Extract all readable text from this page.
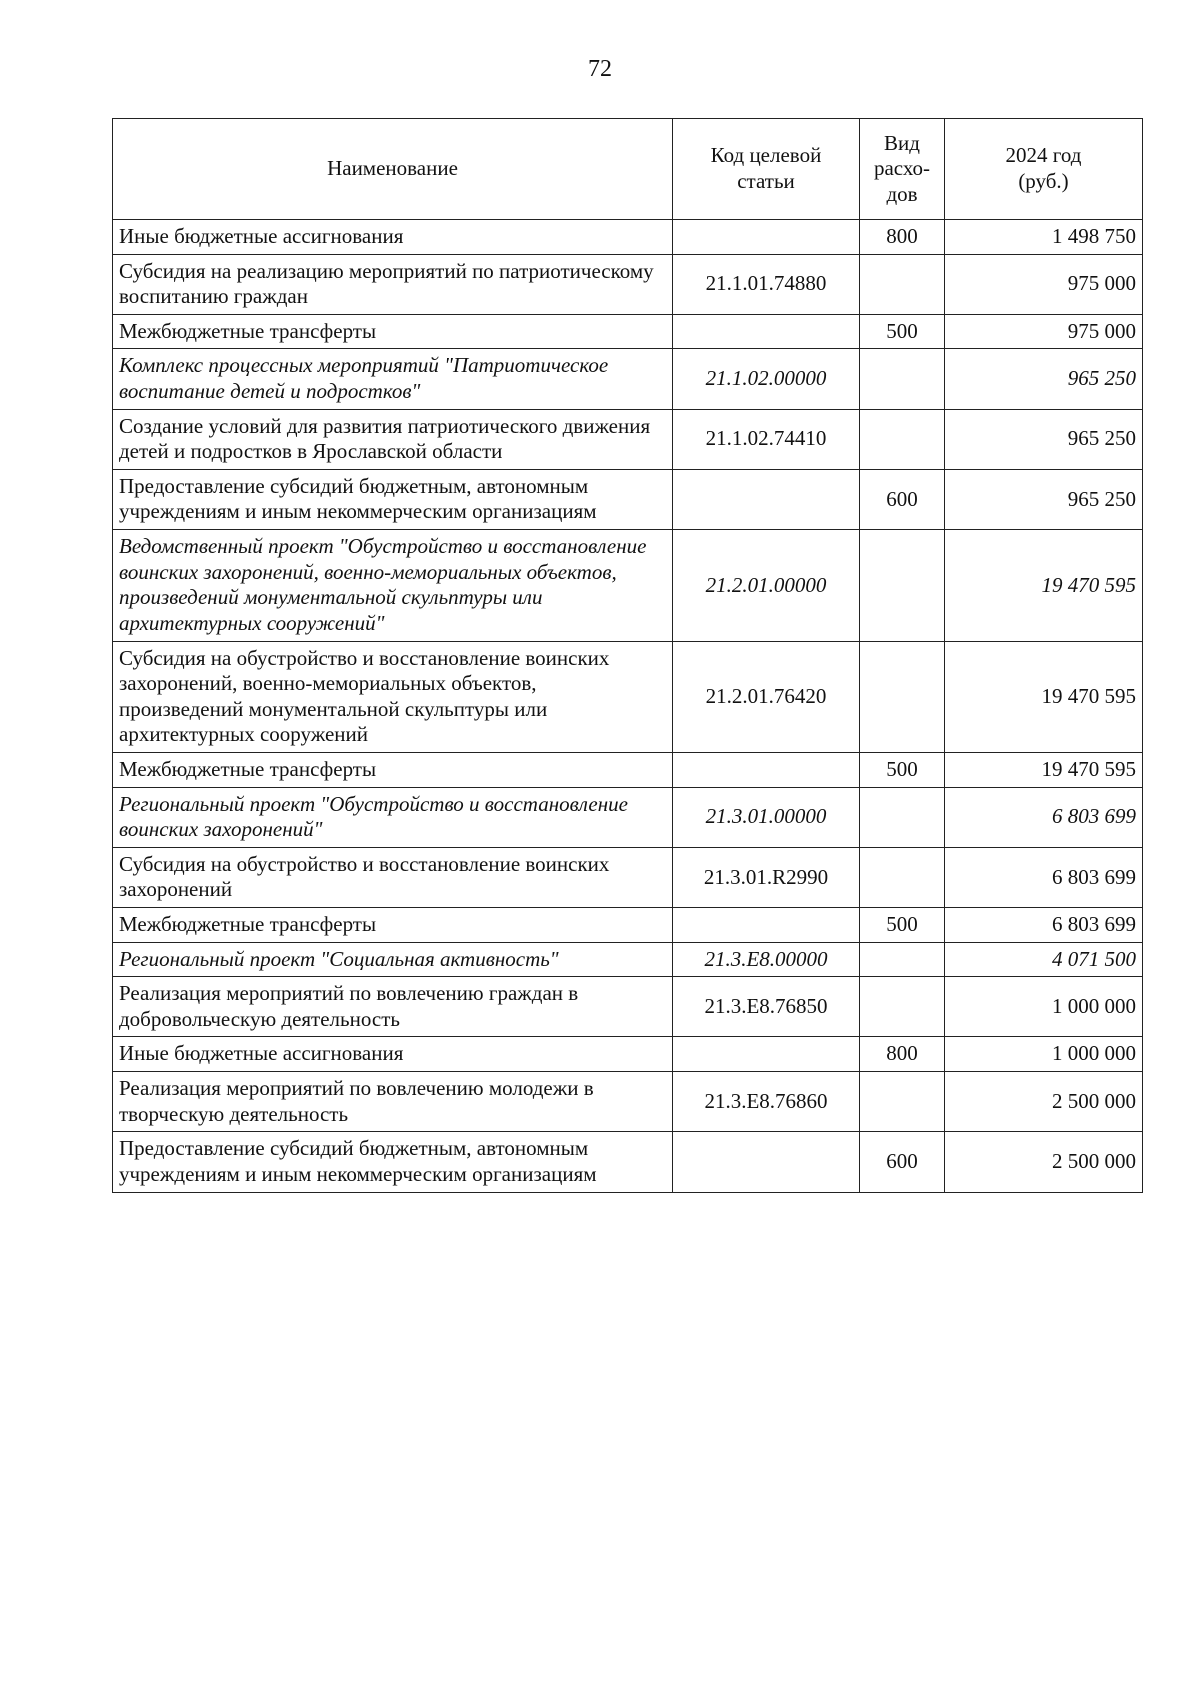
72
Наименование	Код целевой статьи	Вид расхо-дов	2024 год (руб.)
Иные бюджетные ассигнования		800	1 498 750
Субсидия на реализацию мероприятий по патриотическому воспитанию граждан	21.1.01.74880		975 000
Межбюджетные трансферты		500	975 000
Комплекс процессных мероприятий "Патриотическое воспитание детей и подростков"	21.1.02.00000		965 250
Создание условий для развития патриотического движения детей и подростков в Ярославской области	21.1.02.74410		965 250
Предоставление субсидий бюджетным, автономным учреждениям и иным некоммерческим организациям		600	965 250
Ведомственный проект "Обустройство и восстановление воинских захоронений, военно-мемориальных объектов, произведений монументальной скульптуры или архитектурных сооружений"	21.2.01.00000		19 470 595
Субсидия на обустройство и восстановление воинских захоронений, военно-мемориальных объектов, произведений монументальной скульптуры или архитектурных сооружений	21.2.01.76420		19 470 595
Межбюджетные трансферты		500	19 470 595
Региональный проект "Обустройство и восстановление воинских захоронений"	21.3.01.00000		6 803 699
Субсидия на обустройство и восстановление воинских захоронений	21.3.01.R2990		6 803 699
Межбюджетные трансферты		500	6 803 699
Региональный проект "Социальная активность"	21.3.E8.00000		4 071 500
Реализация мероприятий по вовлечению граждан в добровольческую деятельность	21.3.E8.76850		1 000 000
Иные бюджетные ассигнования		800	1 000 000
Реализация мероприятий по вовлечению молодежи в творческую деятельность	21.3.E8.76860		2 500 000
Предоставление субсидий бюджетным, автономным учреждениям и иным некоммерческим организациям		600	2 500 000
